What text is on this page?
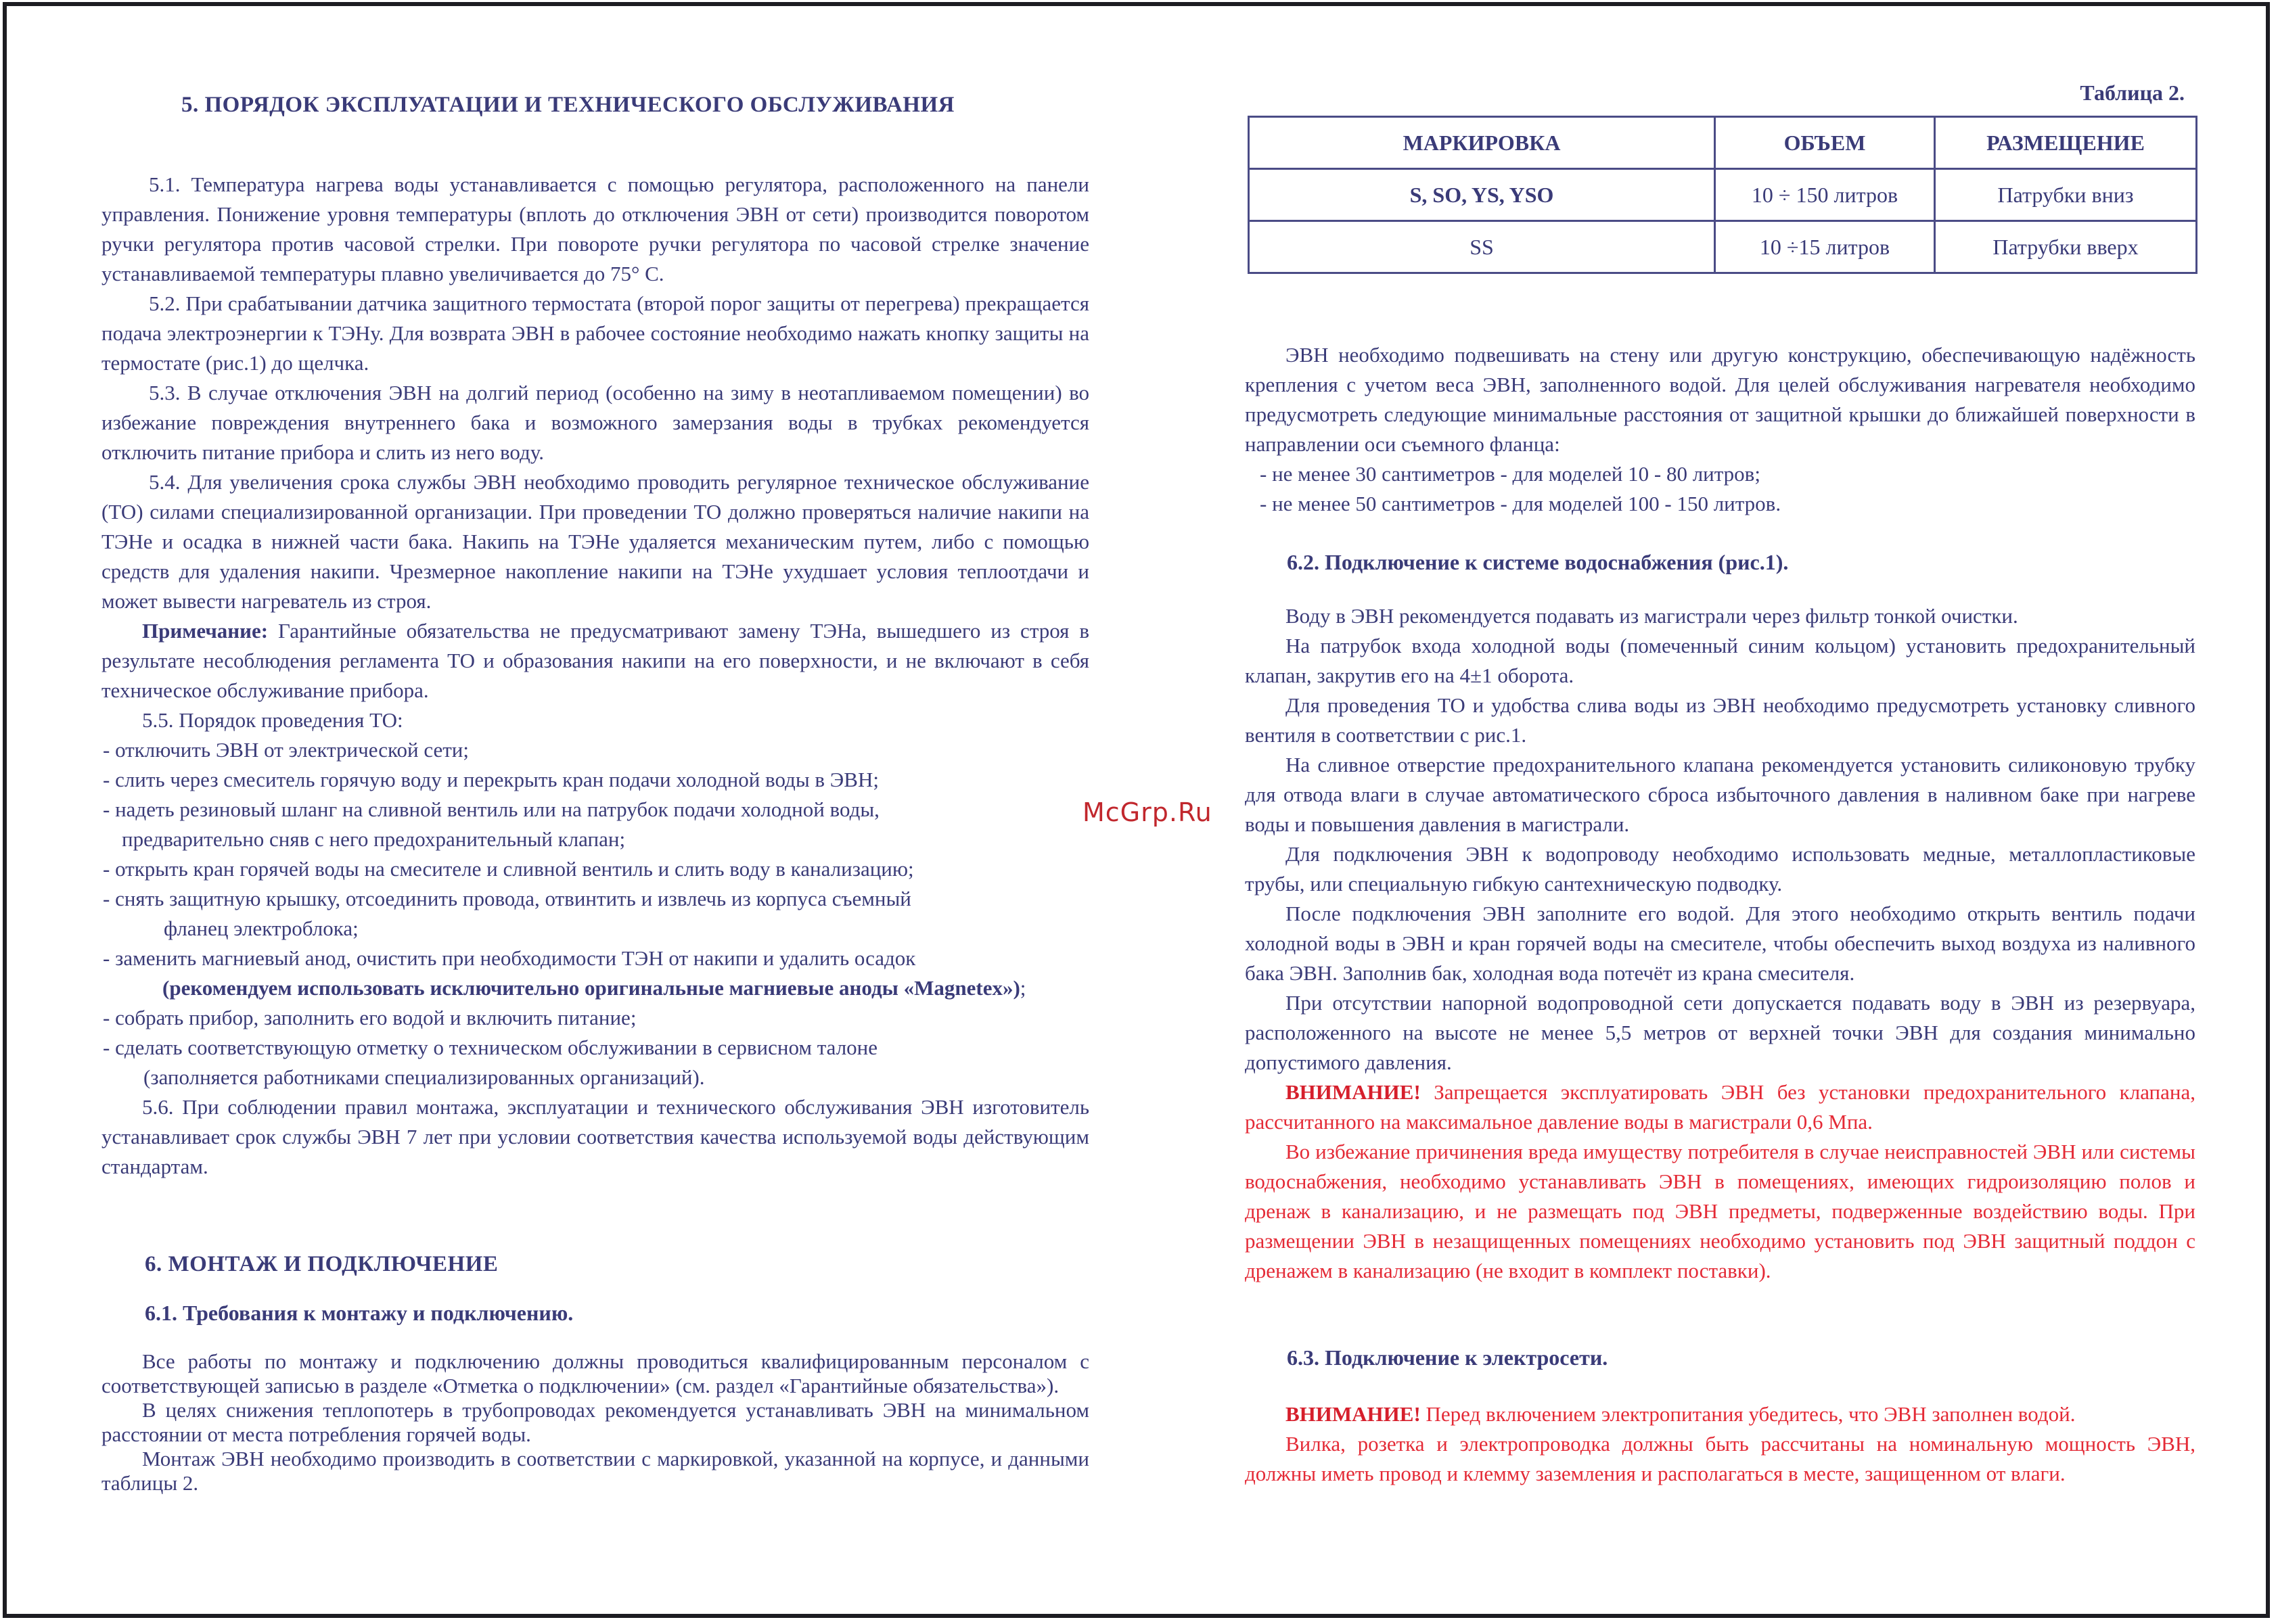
5. ПОРЯДОК ЭКСПЛУАТАЦИИ И ТЕХНИЧЕСКОГО ОБСЛУЖИВАНИЯ

5.1. Температура нагрева воды устанавливается с помощью регулятора, расположенного на панели управления. Понижение уровня температуры (вплоть до отключения ЭВН от сети) производится поворотом ручки регулятора против часовой стрелки. При повороте ручки регулятора по часовой стрелке значение устанавливаемой температуры плавно увеличивается до 75° С.

5.2. При срабатывании датчика защитного термостата (второй порог защиты от перегрева) прекращается подача электроэнергии к ТЭНу. Для возврата ЭВН в рабочее состояние необходимо нажать кнопку защиты на термостате (рис.1) до щелчка.

5.3. В случае отключения ЭВН на долгий период (особенно на зиму в неотапливаемом помещении) во избежание повреждения внутреннего бака и возможного замерзания воды в трубках рекомендуется отключить питание прибора и слить из него воду.

5.4. Для увеличения срока службы ЭВН необходимо проводить регулярное техническое обслуживание (ТО) силами специализированной организации. При проведении ТО должно проверяться наличие накипи на ТЭНе и осадка в нижней части бака. Накипь на ТЭНе удаляется механическим путем, либо с помощью средств для удаления накипи. Чрезмерное накопление накипи на ТЭНе ухудшает условия теплоотдачи и может вывести нагреватель из строя.

Примечание: Гарантийные обязательства не предусматривают замену ТЭНа, вышедшего из строя в результате несоблюдения регламента ТО и образования накипи на его поверхности, и не включают в себя техническое обслуживание прибора.

5.5. Порядок проведения ТО:

- отключить ЭВН от электрической сети;

- слить через смеситель горячую воду и перекрыть кран подачи холодной воды в ЭВН;

- надеть резиновый шланг на сливной вентиль или на патрубок подачи холодной воды,

предварительно сняв с него предохранительный клапан;

- открыть кран горячей воды на смесителе и сливной вентиль и слить воду в канализацию;

- снять защитную крышку, отсоединить провода, отвинтить и извлечь из корпуса съемный

фланец электроблока;

- заменить магниевый анод, очистить при необходимости ТЭН от накипи и удалить осадок

(рекомендуем использовать исключительно оригинальные магниевые аноды «Magnetex»);

- собрать прибор, заполнить его водой и включить питание;

- сделать соответствующую отметку о техническом обслуживании в сервисном талоне

(заполняется работниками специализированных организаций).

5.6. При соблюдении правил монтажа, эксплуатации и технического обслуживания ЭВН изготовитель устанавливает срок службы ЭВН 7 лет при условии соответствия качества используемой воды действующим стандартам.

6. МОНТАЖ И ПОДКЛЮЧЕНИЕ
6.1. Требования к монтажу и подключению.

Все работы по монтажу и подключению должны проводиться квалифицированным персоналом с соответствующей записью в разделе «Отметка о подключении» (см. раздел «Гарантийные обязательства»).

В целях снижения теплопотерь в трубопроводах рекомендуется устанавливать ЭВН на минимальном расстоянии от места потребления горячей воды.

Монтаж ЭВН необходимо производить в соответствии с маркировкой, указанной на корпусе, и данными таблицы 2.

McGrp.Ru
Таблица 2.
МАРКИРОВКА	ОБЪЕМ	РАЗМЕЩЕНИЕ
S, SO, YS, YSO	10 ÷ 150 литров	Патрубки вниз
SS	10 ÷15 литров	Патрубки вверх

ЭВН необходимо подвешивать на стену или другую конструкцию, обеспечивающую надёжность крепления с учетом веса ЭВН, заполненного водой. Для целей обслуживания нагревателя необходимо предусмотреть следующие минимальные расстояния от защитной крышки до ближайшей поверхности в направлении оси съемного фланца:

- не менее 30 сантиметров - для моделей 10 - 80 литров;

- не менее 50 сантиметров - для моделей 100 - 150 литров.

6.2. Подключение к системе водоснабжения (рис.1).

Воду в ЭВН рекомендуется подавать из магистрали через фильтр тонкой очистки.

На патрубок входа холодной воды (помеченный синим кольцом) установить предохранительный клапан, закрутив его на 4±1 оборота.

Для проведения ТО и удобства слива воды из ЭВН необходимо предусмотреть установку сливного вентиля в соответствии с рис.1.

На сливное отверстие предохранительного клапана рекомендуется установить силиконовую трубку для отвода влаги в случае автоматического сброса избыточного давления в наливном баке при нагреве воды и повышения давления в магистрали.

Для подключения ЭВН к водопроводу необходимо использовать медные, металлопластиковые трубы, или специальную гибкую сантехническую подводку.

После подключения ЭВН заполните его водой. Для этого необходимо открыть вентиль подачи холодной воды в ЭВН и кран горячей воды на смесителе, чтобы обеспечить выход воздуха из наливного бака ЭВН. Заполнив бак, холодная вода потечёт из крана смесителя.

При отсутствии напорной водопроводной сети допускается подавать воду в ЭВН из резервуара, расположенного на высоте не менее 5,5 метров от верхней точки ЭВН для создания минимально допустимого давления.

ВНИМАНИЕ! Запрещается эксплуатировать ЭВН без установки предохранительного клапана, рассчитанного на максимальное давление воды в магистрали 0,6 Мпа.

Во избежание причинения вреда имуществу потребителя в случае неисправностей ЭВН или системы водоснабжения, необходимо устанавливать ЭВН в помещениях, имеющих гидроизоляцию полов и дренаж в канализацию, и не размещать под ЭВН предметы, подверженные воздействию воды. При размещении ЭВН в незащищенных помещениях необходимо установить под ЭВН защитный поддон с дренажем в канализацию (не входит в комплект поставки).

6.3. Подключение к электросети.

ВНИМАНИЕ! Перед включением электропитания убедитесь, что ЭВН заполнен водой.

Вилка, розетка и электропроводка должны быть рассчитаны на номинальную мощность ЭВН, должны иметь провод и клемму заземления и располагаться в месте, защищенном от влаги.
